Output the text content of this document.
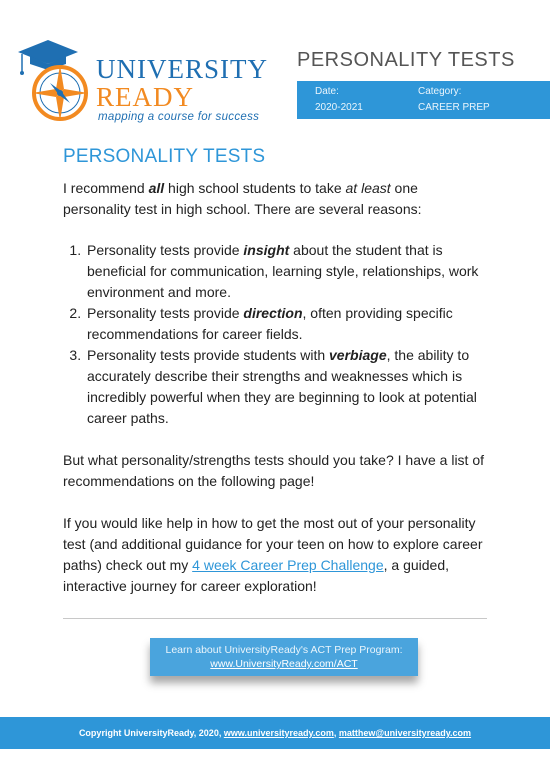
UNIVERSITY
READY
mapping a course for success
PERSONALITY TESTS
Date:
2020-2021
Category:
CAREER PREP
PERSONALITY TESTS

I recommend all high school students to take at least one personality test in high school. There are several reasons:

1. Personality tests provide insight about the student that is beneficial for communication, learning style, relationships, work environment and more.
2. Personality tests provide direction, often providing specific recommendations for career fields.
3. Personality tests provide students with verbiage, the ability to accurately describe their strengths and weaknesses which is incredibly powerful when they are beginning to look at potential career paths.

But what personality/strengths tests should you take? I have a list of recommendations on the following page!

If you would like help in how to get the most out of your personality test (and additional guidance for your teen on how to explore career paths) check out my 4 week Career Prep Challenge, a guided, interactive journey for career exploration!

Learn about UniversityReady's ACT Prep Program:
www.UniversityReady.com/ACT
Copyright UniversityReady, 2020, www.universityready.com, matthew@universityready.com
